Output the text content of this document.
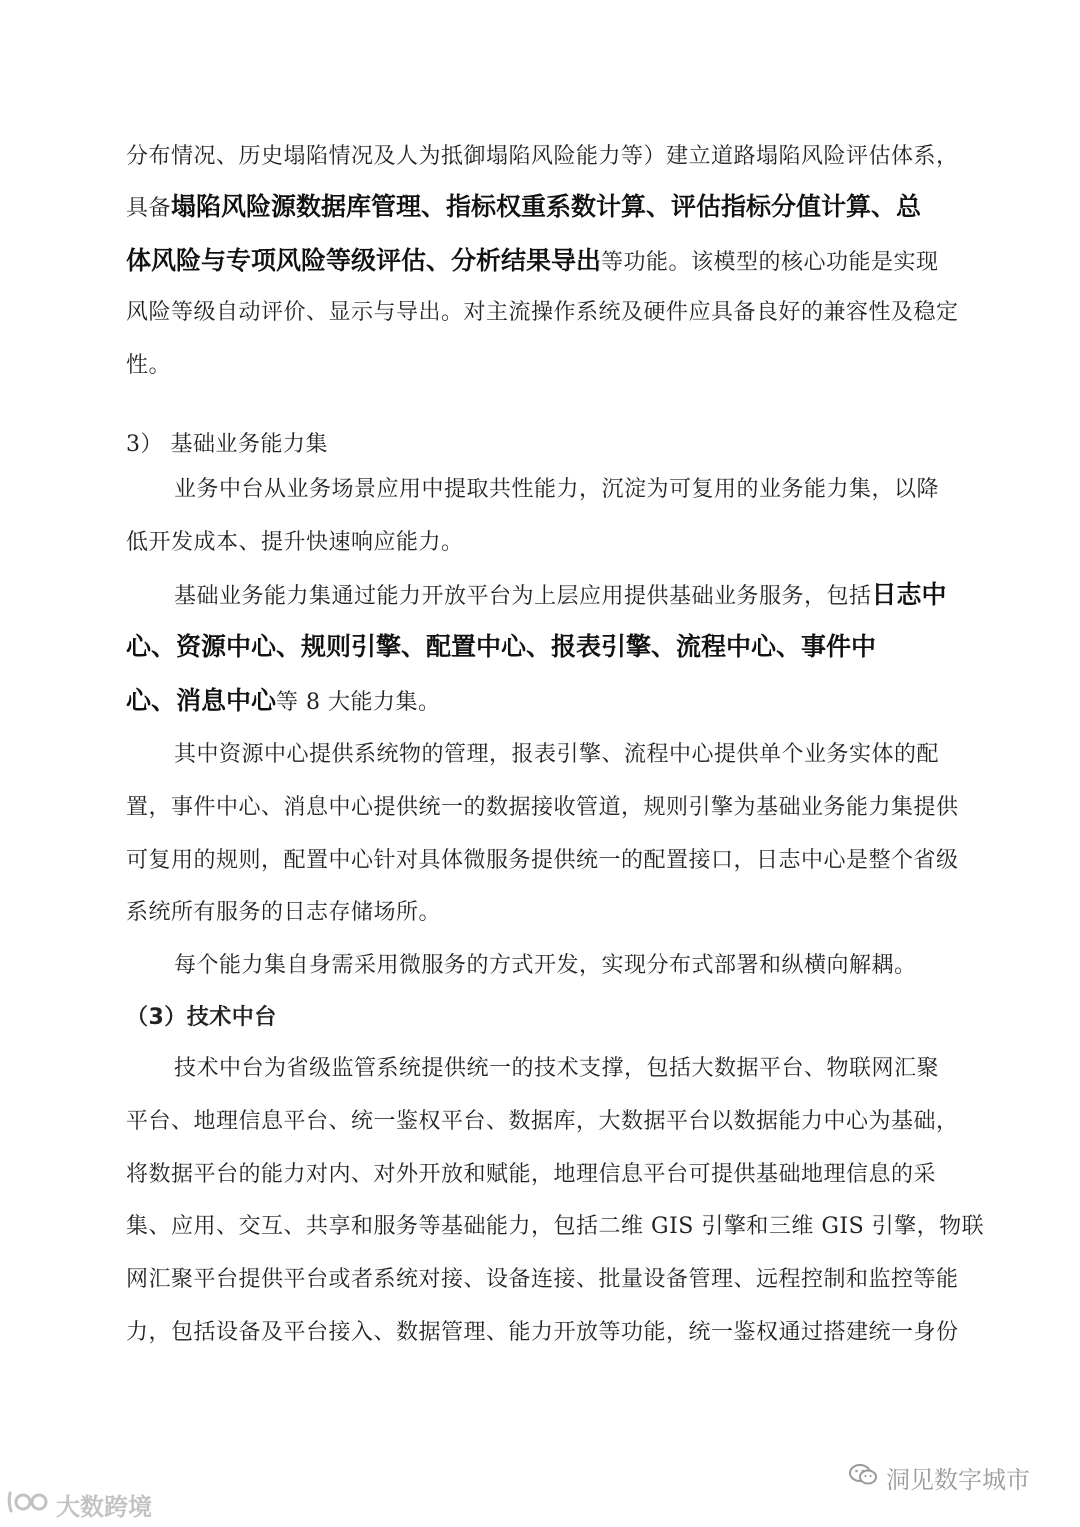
分布情况、历史塌陷情况及人为抵御塌陷风险能力等）建立道路塌陷风险评估体系，
具备塌陷风险源数据库管理、指标权重系数计算、评估指标分值计算、总
体风险与专项风险等级评估、分析结果导出等功能。该模型的核心功能是实现
风险等级自动评价、显示与导出。对主流操作系统及硬件应具备良好的兼容性及稳定
性。
3） 基础业务能力集
业务中台从业务场景应用中提取共性能力，沉淀为可复用的业务能力集，以降
低开发成本、提升快速响应能力。
基础业务能力集通过能力开放平台为上层应用提供基础业务服务，包括日志中
心、资源中心、规则引擎、配置中心、报表引擎、流程中心、事件中
心、消息中心等 8 大能力集。
其中资源中心提供系统物的管理，报表引擎、流程中心提供单个业务实体的配
置，事件中心、消息中心提供统一的数据接收管道，规则引擎为基础业务能力集提供
可复用的规则，配置中心针对具体微服务提供统一的配置接口，日志中心是整个省级
系统所有服务的日志存储场所。
每个能力集自身需采用微服务的方式开发，实现分布式部署和纵横向解耦。
（3）技术中台
技术中台为省级监管系统提供统一的技术支撑，包括大数据平台、物联网汇聚
平台、地理信息平台、统一鉴权平台、数据库，大数据平台以数据能力中心为基础，
将数据平台的能力对内、对外开放和赋能，地理信息平台可提供基础地理信息的采
集、应用、交互、共享和服务等基础能力，包括二维 GIS 引擎和三维 GIS 引擎，物联
网汇聚平台提供平台或者系统对接、设备连接、批量设备管理、远程控制和监控等能
力，包括设备及平台接入、数据管理、能力开放等功能，统一鉴权通过搭建统一身份
洞见数字城市
大数跨境
